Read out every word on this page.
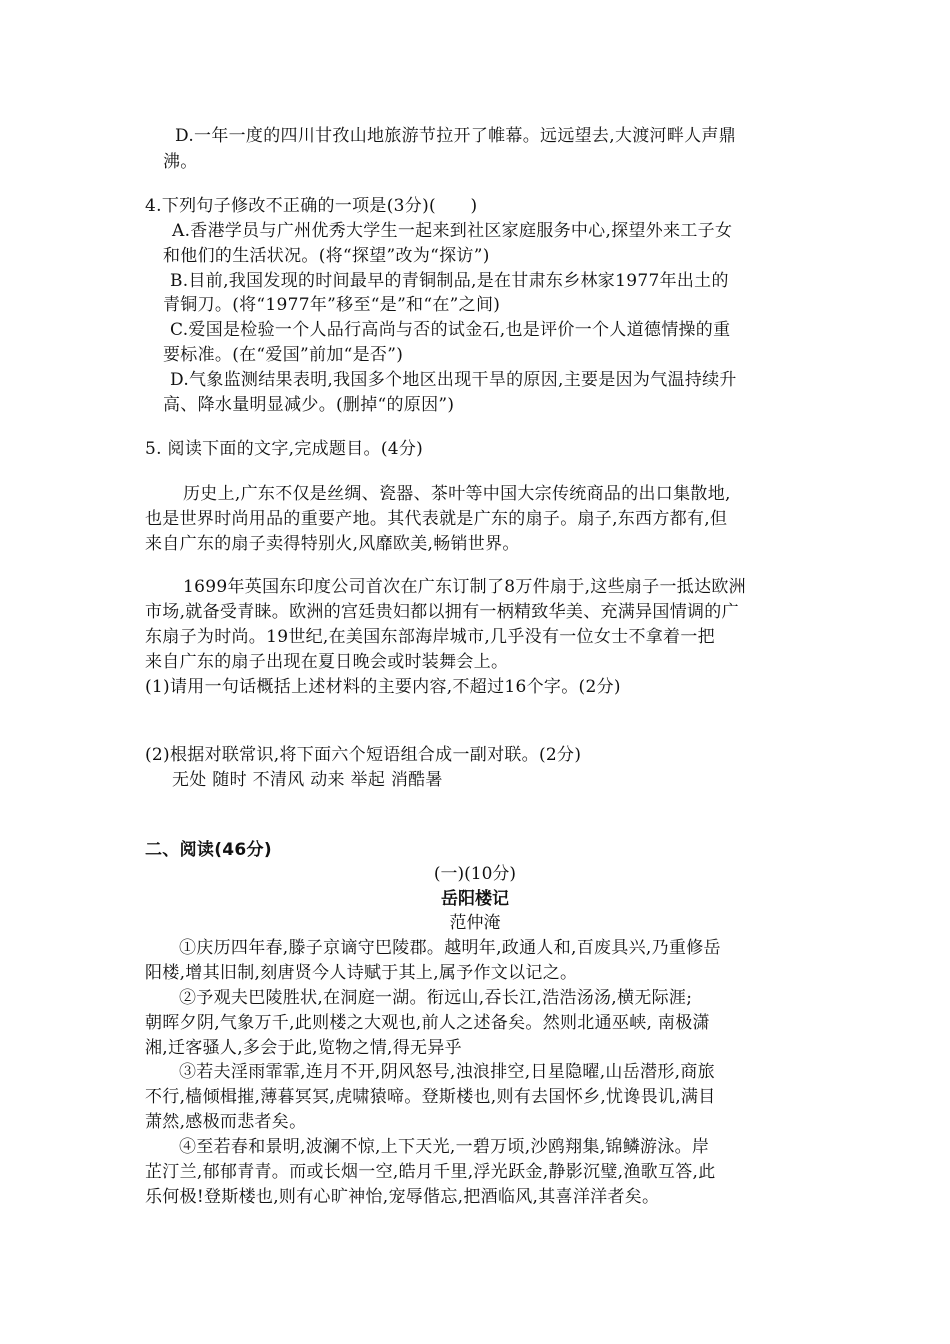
D.一年一度的四川甘孜山地旅游节拉开了帷幕。远远望去,大渡河畔人声鼎
沸。
4.下列句子修改不正确的一项是(3分)(　　)
A.香港学员与广州优秀大学生一起来到社区家庭服务中心,探望外来工子女
和他们的生活状况。(将“探望”改为“探访”)
B.目前,我国发现的时间最早的青铜制品,是在甘肃东乡林家1977年出土的
青铜刀。(将“1977年”移至“是”和“在”之间)
C.爱国是检验一个人品行高尚与否的试金石,也是评价一个人道德情操的重
要标准。(在“爱国”前加“是否”)
D.气象监测结果表明,我国多个地区出现干旱的原因,主要是因为气温持续升
高、降水量明显减少。(删掉“的原因”)
5. 阅读下面的文字,完成题目。(4分)
历史上,广东不仅是丝绸、瓷器、茶叶等中国大宗传统商品的出口集散地,
也是世界时尚用品的重要产地。其代表就是广东的扇子。扇子,东西方都有,但
来自广东的扇子卖得特别火,风靡欧美,畅销世界。
1699年英国东印度公司首次在广东订制了8万件扇于,这些扇子一抵达欧洲
市场,就备受青睐。欧洲的宫廷贵妇都以拥有一柄精致华美、充满异国情调的广
东扇子为时尚。19世纪,在美国东部海岸城市,几乎没有一位女士不拿着一把
来自广东的扇子出现在夏日晚会或时装舞会上。
(1)请用一句话概括上述材料的主要内容,不超过16个字。(2分)
(2)根据对联常识,将下面六个短语组合成一副对联。(2分)
无处 随时 不清风 动来 举起 消酷暑
二、阅读(46分)
(一)(10分)
岳阳楼记
范仲淹
①庆历四年春,滕子京谪守巴陵郡。越明年,政通人和,百废具兴,乃重修岳
阳楼,增其旧制,刻唐贤今人诗赋于其上,属予作文以记之。
②予观夫巴陵胜状,在洞庭一湖。衔远山,吞长江,浩浩汤汤,横无际涯;
朝晖夕阴,气象万千,此则楼之大观也,前人之述备矣。然则北通巫峡, 南极潇
湘,迁客骚人,多会于此,览物之情,得无异乎
③若夫淫雨霏霏,连月不开,阴风怒号,浊浪排空,日星隐曜,山岳潜形,商旅
不行,樯倾楫摧,薄暮冥冥,虎啸猿啼。登斯楼也,则有去国怀乡,忧谗畏讥,满目
萧然,感极而悲者矣。
④至若春和景明,波澜不惊,上下天光,一碧万顷,沙鸥翔集,锦鳞游泳。岸
芷汀兰,郁郁青青。而或长烟一空,皓月千里,浮光跃金,静影沉璧,渔歌互答,此
乐何极!登斯楼也,则有心旷神怡,宠辱偕忘,把酒临风,其喜洋洋者矣。
